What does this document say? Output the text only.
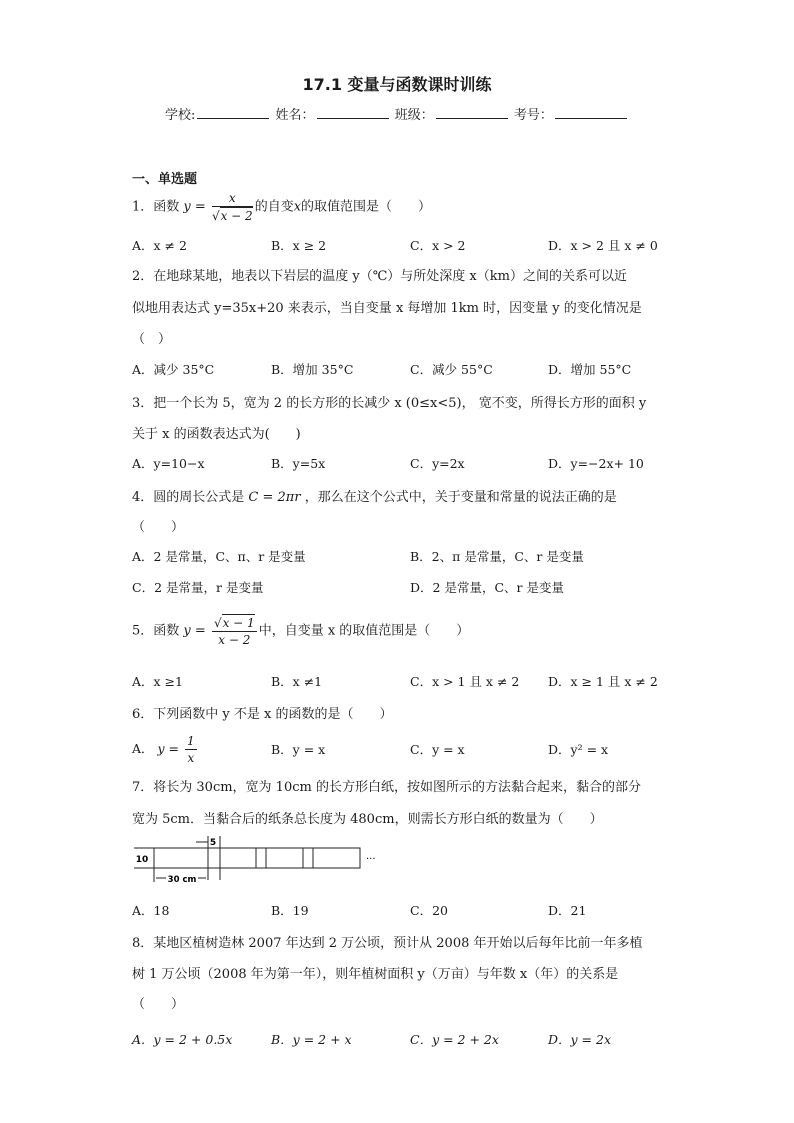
17.1 变量与函数课时训练
学校:	姓名：	班级：	考号：
一、单选题
1．函数 $y = \frac{x}{√x - 2}$ 的自变x的取值范围是（　　）
A．x ≠ 2	B．x ≥ 2	C．x > 2	D．x > 2 且 x ≠ 0
2．在地球某地，地表以下岩层的温度 y（℃）与所处深度 x（km）之间的关系可以近
似地用表达式 y=35x+20 来表示，当自变量 x 每增加 1km 时，因变量 y 的变化情况是
（　）
A．减少 35°C	B．增加 35°C	C．减少 55°C	D．增加 55°C
3．把一个长为 5，宽为 2 的长方形的长减少 x (0≤x<5)， 宽不变，所得长方形的面积 y
关于 x 的函数表达式为(　　)
A．y=10−x	B．y=5x	C．y=2x	D．y=−2x+ 10
4．圆的周长公式是 C = 2πr ，那么在这个公式中，关于变量和常量的说法正确的是
（　　）
A．2 是常量，C、π、r 是变量	B．2、π 是常量，C、r 是变量
C．2 是常量，r 是变量	D．2 是常量，C、r 是变量
5．函数 $y = \frac{√x - 1}{x - 2}$ 中，自变量 x 的取值范围是（　　）
A．x ≥1	B．x ≠1	C．x > 1 且 x ≠ 2 D．x ≥ 1 且 x ≠ 2
6．下列函数中 y 不是 x 的函数的是（　　）
A． $y = \frac{1}{x}$	B．y = x	C．y = x	D．y² = x
7．将长为 30cm，宽为 10cm 的长方形白纸，按如图所示的方法黏合起来，黏合的部分
宽为 5cm．当黏合后的纸条总长度为 480cm，则需长方形白纸的数量为（　　）
5
···
10
30 cm
A．18	B．19	C．20	D．21
8．某地区植树造林 2007 年达到 2 万公顷，预计从 2008 年开始以后每年比前一年多植
树 1 万公顷（2008 年为第一年），则年植树面积 y（万亩）与年数 x（年）的关系是
（　　）
A．y = 2 + 0.5x	B．y = 2 + x	C．y = 2 + 2x	D．y = 2x
